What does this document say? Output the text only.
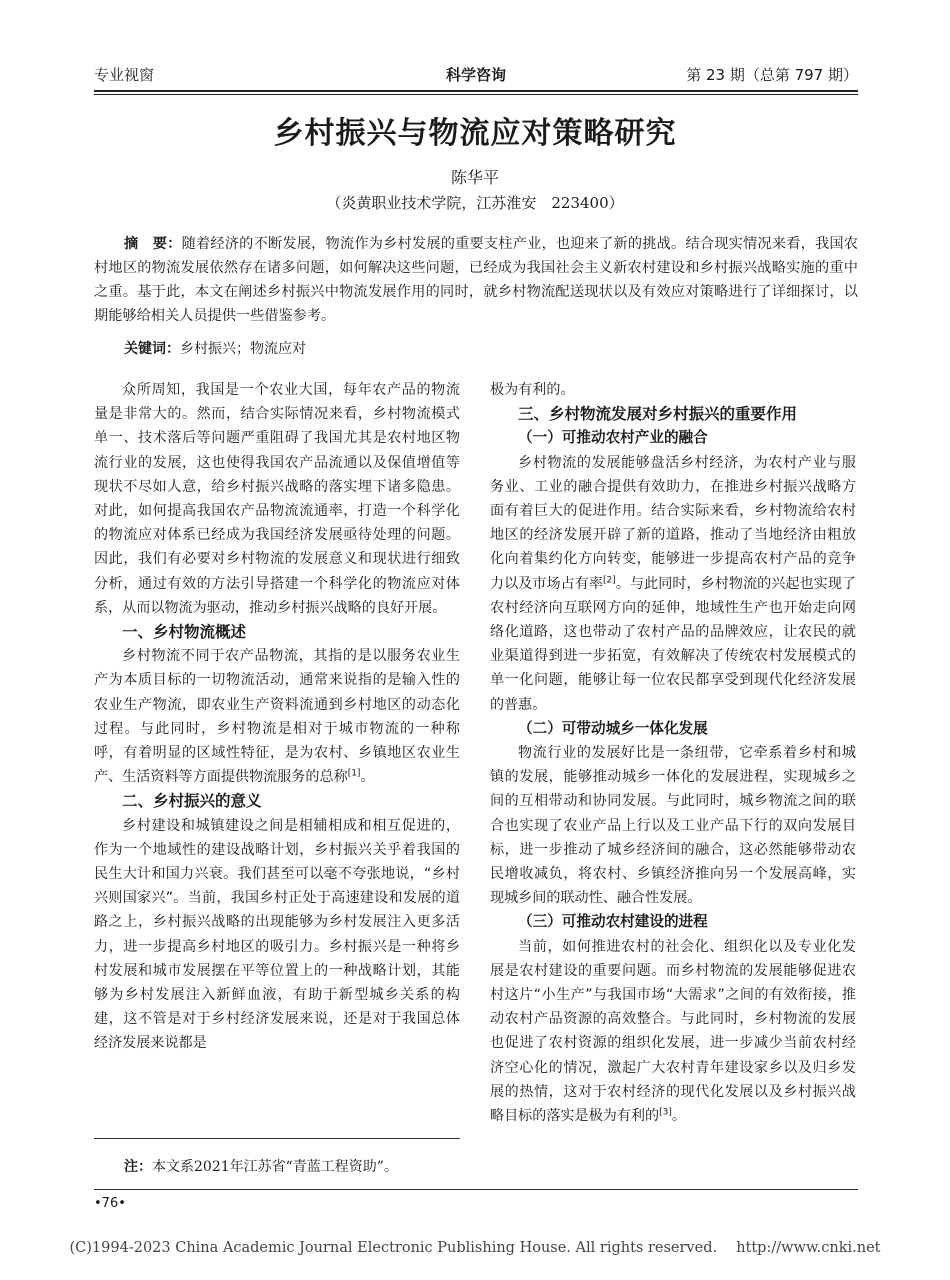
专业视窗	科学咨询	第 23 期（总第 797 期）
乡村振兴与物流应对策略研究
陈华平
（炎黄职业技术学院，江苏淮安　223400）
摘　要：随着经济的不断发展，物流作为乡村发展的重要支柱产业，也迎来了新的挑战。结合现实情况来看，我国农村地区的物流发展依然存在诸多问题，如何解决这些问题，已经成为我国社会主义新农村建设和乡村振兴战略实施的重中之重。基于此，本文在阐述乡村振兴中物流发展作用的同时，就乡村物流配送现状以及有效应对策略进行了详细探讨，以期能够给相关人员提供一些借鉴参考。
关键词：乡村振兴；物流应对

众所周知，我国是一个农业大国，每年农产品的物流量是非常大的。然而，结合实际情况来看，乡村物流模式单一、技术落后等问题严重阻碍了我国尤其是农村地区物流行业的发展，这也使得我国农产品流通以及保值增值等现状不尽如人意，给乡村振兴战略的落实埋下诸多隐患。对此，如何提高我国农产品物流流通率，打造一个科学化的物流应对体系已经成为我国经济发展亟待处理的问题。因此，我们有必要对乡村物流的发展意义和现状进行细致分析，通过有效的方法引导搭建一个科学化的物流应对体系，从而以物流为驱动，推动乡村振兴战略的良好开展。

一、乡村物流概述

乡村物流不同于农产品物流，其指的是以服务农业生产为本质目标的一切物流活动，通常来说指的是输入性的农业生产物流，即农业生产资料流通到乡村地区的动态化过程。与此同时，乡村物流是相对于城市物流的一种称呼，有着明显的区域性特征，是为农村、乡镇地区农业生产、生活资料等方面提供物流服务的总称[1]。

二、乡村振兴的意义

乡村建设和城镇建设之间是相辅相成和相互促进的，作为一个地域性的建设战略计划，乡村振兴关乎着我国的民生大计和国力兴衰。我们甚至可以毫不夸张地说，“乡村兴则国家兴”。当前，我国乡村正处于高速建设和发展的道路之上，乡村振兴战略的出现能够为乡村发展注入更多活力，进一步提高乡村地区的吸引力。乡村振兴是一种将乡村发展和城市发展摆在平等位置上的一种战略计划，其能够为乡村发展注入新鲜血液，有助于新型城乡关系的构建，这不管是对于乡村经济发展来说，还是对于我国总体经济发展来说都是

极为有利的。

三、乡村物流发展对乡村振兴的重要作用
（一）可推动农村产业的融合

乡村物流的发展能够盘活乡村经济，为农村产业与服务业、工业的融合提供有效助力，在推进乡村振兴战略方面有着巨大的促进作用。结合实际来看，乡村物流给农村地区的经济发展开辟了新的道路，推动了当地经济由粗放化向着集约化方向转变，能够进一步提高农村产品的竞争力以及市场占有率[2]。与此同时，乡村物流的兴起也实现了农村经济向互联网方向的延伸，地域性生产也开始走向网络化道路，这也带动了农村产品的品牌效应，让农民的就业渠道得到进一步拓宽，有效解决了传统农村发展模式的单一化问题，能够让每一位农民都享受到现代化经济发展的普惠。

（二）可带动城乡一体化发展

物流行业的发展好比是一条纽带，它牵系着乡村和城镇的发展，能够推动城乡一体化的发展进程，实现城乡之间的互相带动和协同发展。与此同时，城乡物流之间的联合也实现了农业产品上行以及工业产品下行的双向发展目标，进一步推动了城乡经济间的融合，这必然能够带动农民增收减负，将农村、乡镇经济推向另一个发展高峰，实现城乡间的联动性、融合性发展。

（三）可推动农村建设的进程

当前，如何推进农村的社会化、组织化以及专业化发展是农村建设的重要问题。而乡村物流的发展能够促进农村这片“小生产”与我国市场“大需求”之间的有效衔接，推动农村产品资源的高效整合。与此同时，乡村物流的发展也促进了农村资源的组织化发展，进一步减少当前农村经济空心化的情况，激起广大农村青年建设家乡以及归乡发展的热情，这对于农村经济的现代化发展以及乡村振兴战略目标的落实是极为有利的[3]。

注：本文系2021年江苏省“青蓝工程资助”。
•76•
(C)1994-2023 China Academic Journal Electronic Publishing House. All rights reserved.　 http://www.cnki.net
